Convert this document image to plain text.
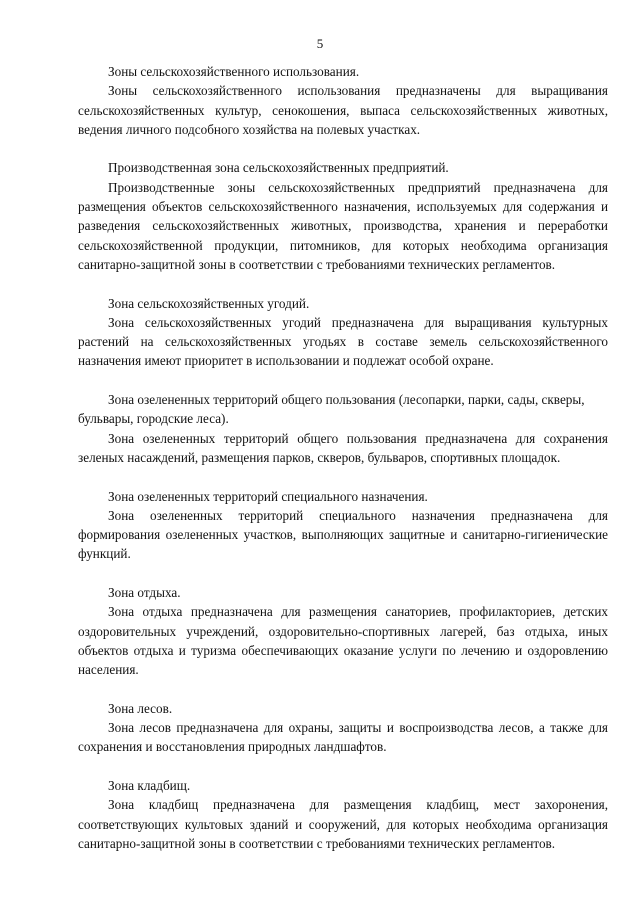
5

Зоны сельскохозяйственного использования.

Зоны сельскохозяйственного использования предназначены для выращивания сельскохозяйственных культур, сенокошения, выпаса сельскохозяйственных животных, ведения личного подсобного хозяйства на полевых участках.

Производственная зона сельскохозяйственных предприятий.

Производственные зоны сельскохозяйственных предприятий предназначена для размещения объектов сельскохозяйственного назначения, используемых для содержания и разведения сельскохозяйственных животных, производства, хранения и переработки сельскохозяйственной продукции, питомников, для которых необходима организация санитарно-защитной зоны в соответствии с требованиями технических регламентов.

Зона сельскохозяйственных угодий.

Зона сельскохозяйственных угодий предназначена для выращивания культурных растений на сельскохозяйственных угодьях в составе земель сельскохозяйственного назначения имеют приоритет в использовании и подлежат особой охране.

Зона озелененных территорий общего пользования (лесопарки, парки, сады, скверы, бульвары, городские леса).

Зона озелененных территорий общего пользования предназначена для сохранения зеленых насаждений, размещения парков, скверов, бульваров, спортивных площадок.

Зона озелененных территорий специального назначения.

Зона озелененных территорий специального назначения предназначена для формирования озелененных участков, выполняющих защитные и санитарно-гигиенические функций.

Зона отдыха.

Зона отдыха предназначена для размещения санаториев, профилакториев, детских оздоровительных учреждений, оздоровительно-спортивных лагерей, баз отдыха, иных объектов отдыха и туризма обеспечивающих оказание услуги по лечению и оздоровлению населения.

Зона лесов.

Зона лесов предназначена для охраны, защиты и воспроизводства лесов, а также для сохранения и восстановления природных ландшафтов.

Зона кладбищ.

Зона кладбищ предназначена для размещения кладбищ, мест захоронения, соответствующих культовых зданий и сооружений, для которых необходима организация санитарно-защитной зоны в соответствии с требованиями технических регламентов.
